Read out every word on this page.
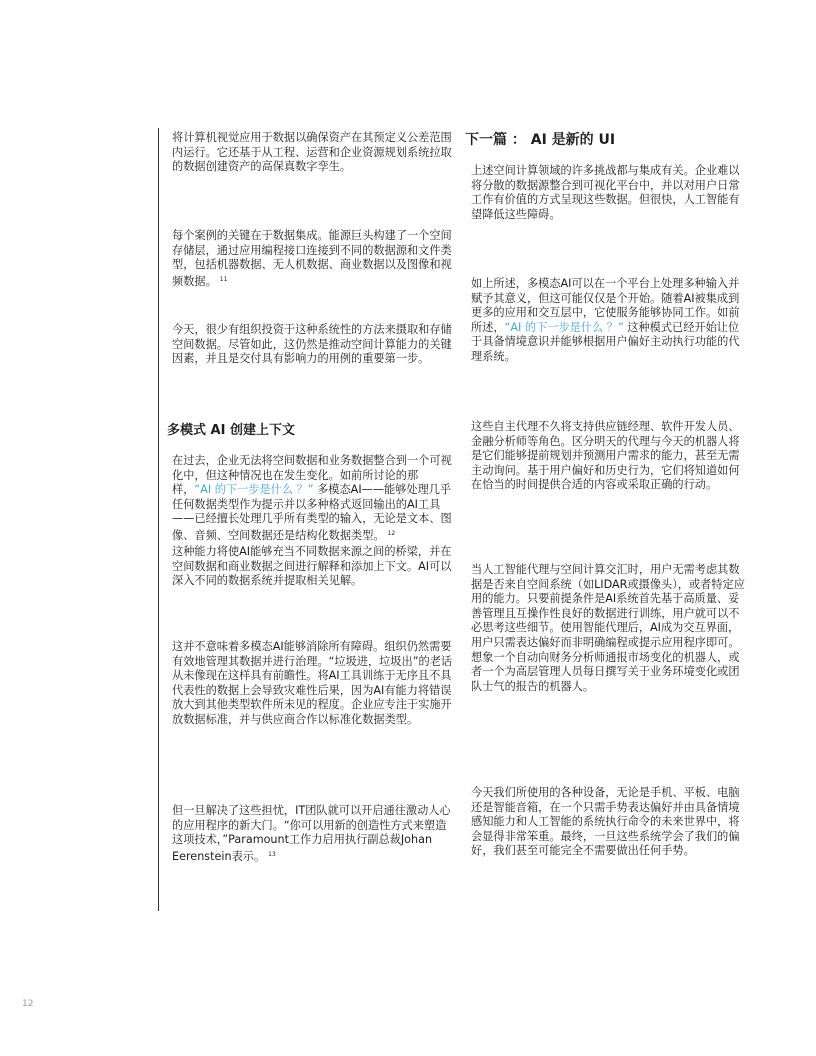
将计算机视觉应用于数据以确保资产在其预定义公差范围内运行。它还基于从工程、运营和企业资源规划系统拉取的数据创建资产的高保真数字孪生。

每个案例的关键在于数据集成。能源巨头构建了一个空间存储层，通过应用编程接口连接到不同的数据源和文件类型，包括机器数据、无人机数据、商业数据以及图像和视频数据。 $^{11}$

今天，很少有组织投资于这种系统性的方法来摄取和存储空间数据。尽管如此，这仍然是推动空间计算能力的关键因素，并且是交付具有影响力的用例的重要第一步。

多模式 AI 创建上下文

在过去，企业无法将空间数据和业务数据整合到一个可视化中，但这种情况也在发生变化。如前所讨论的那样，“AI 的下一步是什么 ？” 多模态AI——能够处理几乎任何数据类型作为提示并以多种格式返回输出的AI工具——已经擅长处理几乎所有类型的输入，无论是文本、图像、音频、空间数据还是结构化数据类型。 $^{12}$

这种能力将使AI能够充当不同数据来源之间的桥梁，并在空间数据和商业数据之间进行解释和添加上下文。AI可以深入不同的数据系统并提取相关见解。

这并不意味着多模态AI能够消除所有障碍。组织仍然需要有效地管理其数据并进行治理。“垃圾进，垃圾出”的老话从未像现在这样具有前瞻性。将AI工具训练于无序且不具代表性的数据上会导致灾难性后果，因为AI有能力将错误放大到其他类型软件所未见的程度。企业应专注于实施开放数据标准，并与供应商合作以标准化数据类型。

但一旦解决了这些担忧，IT团队就可以开启通往激动人心的应用程序的新大门。“你可以用新的创造性方式来塑造这项技术，”Paramount工作力启用执行副总裁Johan Eerenstein表示。 $^{13}$

下一篇 ： AI 是新的 UI

上述空间计算领域的许多挑战都与集成有关。企业难以将分散的数据源整合到可视化平台中，并以对用户日常工作有价值的方式呈现这些数据。但很快，人工智能有望降低这些障碍。

如上所述，多模态AI可以在一个平台上处理多种输入并赋予其意义，但这可能仅仅是个开始。随着AI被集成到更多的应用和交互层中，它使服务能够协同工作。如前所述，“AI 的下一步是什么 ？” 这种模式已经开始让位于具备情境意识并能够根据用户偏好主动执行功能的代理系统。

这些自主代理不久将支持供应链经理、软件开发人员、金融分析师等角色。区分明天的代理与今天的机器人将是它们能够提前规划并预测用户需求的能力，甚至无需主动询问。基于用户偏好和历史行为，它们将知道如何在恰当的时间提供合适的内容或采取正确的行动。

当人工智能代理与空间计算交汇时，用户无需考虑其数据是否来自空间系统（如LIDAR或摄像头），或者特定应用的能力。只要前提条件是AI系统首先基于高质量、妥善管理且互操作性良好的数据进行训练，用户就可以不必思考这些细节。使用智能代理后，AI成为交互界面，用户只需表达偏好而非明确编程或提示应用程序即可。想象一个自动向财务分析师通报市场变化的机器人，或者一个为高层管理人员每日撰写关于业务环境变化或团队士气的报告的机器人。

今天我们所使用的各种设备，无论是手机、平板、电脑还是智能音箱，在一个只需手势表达偏好并由具备情境感知能力和人工智能的系统执行命令的未来世界中，将会显得非常笨重。最终，一旦这些系统学会了我们的偏好，我们甚至可能完全不需要做出任何手势。

12
